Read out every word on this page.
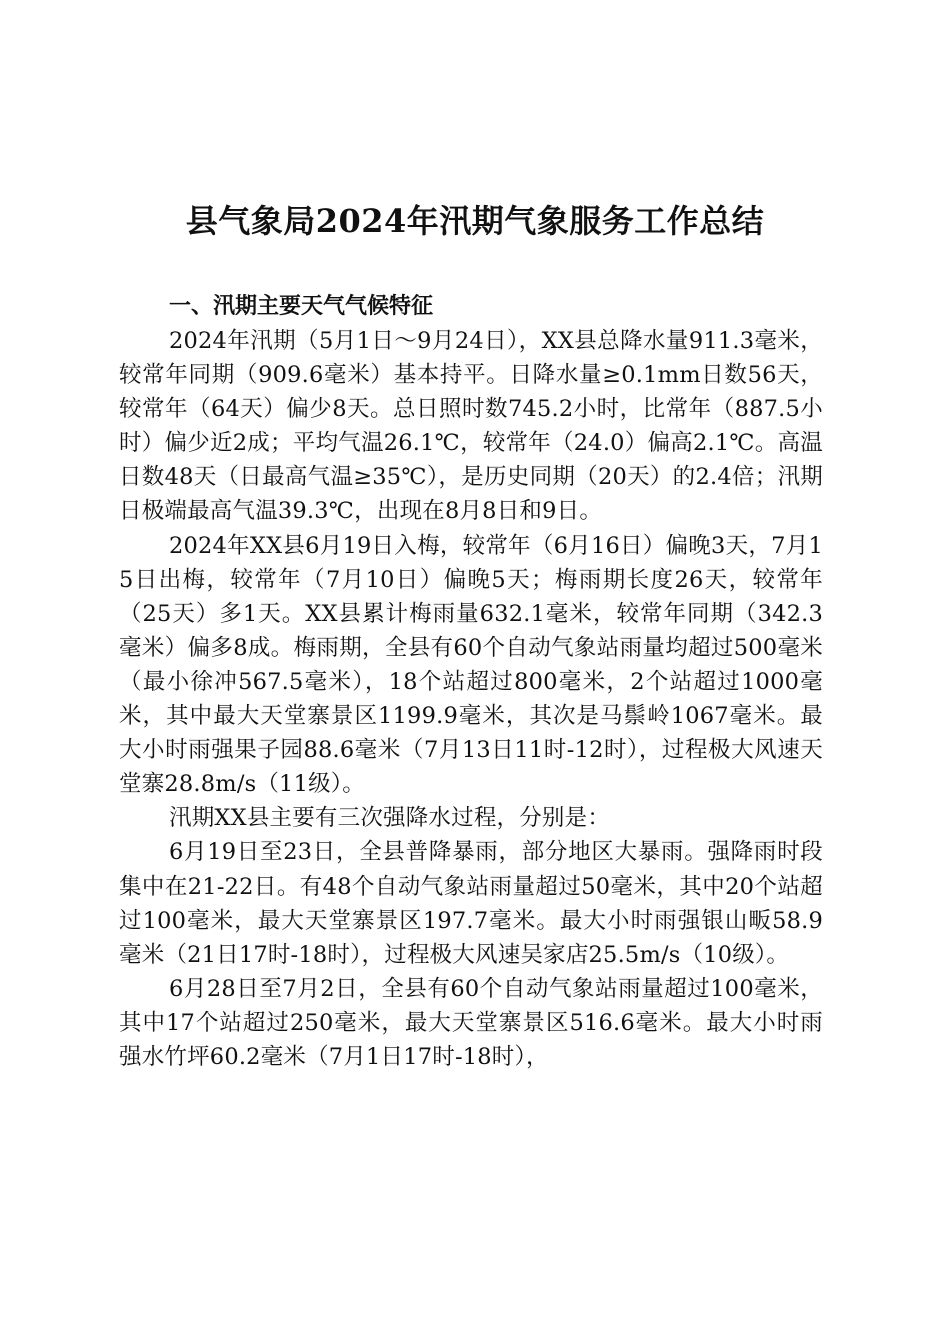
县气象局2024年汛期气象服务工作总结
一、汛期主要天气气候特征

2024年汛期（5月1日～9月24日），XX县总降水量911.3毫米，较常年同期（909.6毫米）基本持平。日降水量≥0.1mm日数56天，较常年（64天）偏少8天。总日照时数745.2小时，比常年（887.5小时）偏少近2成；平均气温26.1℃，较常年（24.0）偏高2.1℃。高温日数48天（日最高气温≥35℃），是历史同期（20天）的2.4倍；汛期日极端最高气温39.3℃，出现在8月8日和9日。

2024年XX县6月19日入梅，较常年（6月16日）偏晚3天，7月15日出梅，较常年（7月10日）偏晚5天；梅雨期长度26天，较常年（25天）多1天。XX县累计梅雨量632.1毫米，较常年同期（342.3毫米）偏多8成。梅雨期，全县有60个自动气象站雨量均超过500毫米（最小徐冲567.5毫米），18个站超过800毫米，2个站超过1000毫米，其中最大天堂寨景区1199.9毫米，其次是马鬃岭1067毫米。最大小时雨强果子园88.6毫米（7月13日11时-12时），过程极大风速天堂寨28.8m/s（11级）。

汛期XX县主要有三次强降水过程，分别是：

6月19日至23日，全县普降暴雨，部分地区大暴雨。强降雨时段集中在21-22日。有48个自动气象站雨量超过50毫米，其中20个站超过100毫米，最大天堂寨景区197.7毫米。最大小时雨强银山畈58.9毫米（21日17时-18时），过程极大风速吴家店25.5m/s（10级）。

6月28日至7月2日，全县有60个自动气象站雨量超过100毫米，其中17个站超过250毫米，最大天堂寨景区516.6毫米。最大小时雨强水竹坪60.2毫米（7月1日17时-18时），
